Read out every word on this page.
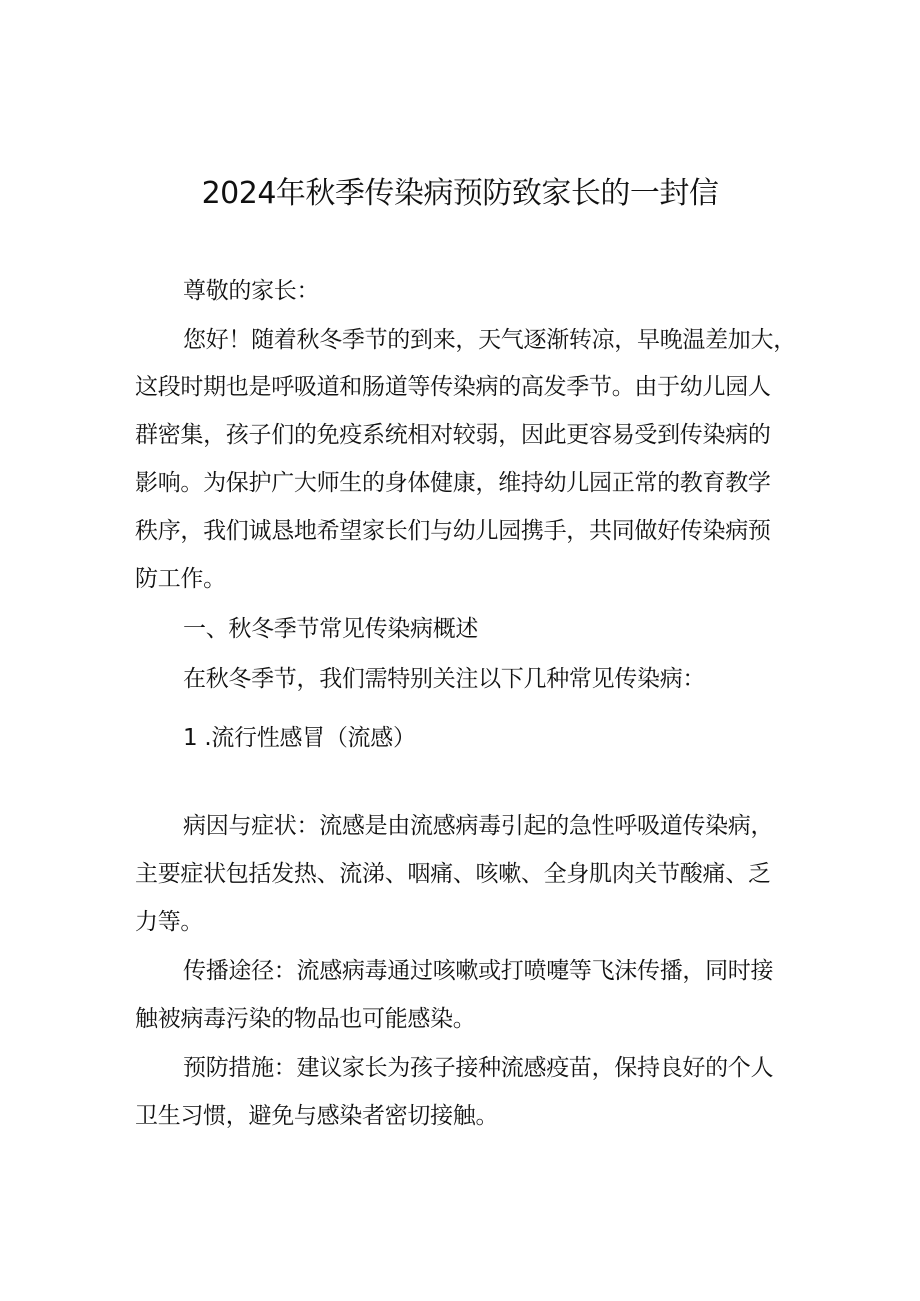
2024年秋季传染病预防致家长的一封信
尊敬的家长：
您好！随着秋冬季节的到来，天气逐渐转凉，早晚温差加大，
这段时期也是呼吸道和肠道等传染病的高发季节。由于幼儿园人
群密集，孩子们的免疫系统相对较弱，因此更容易受到传染病的
影响。为保护广大师生的身体健康，维持幼儿园正常的教育教学
秩序，我们诚恳地希望家长们与幼儿园携手，共同做好传染病预
防工作。
一、秋冬季节常见传染病概述
在秋冬季节，我们需特别关注以下几种常见传染病：
1 .流行性感冒（流感）
病因与症状：流感是由流感病毒引起的急性呼吸道传染病，
主要症状包括发热、流涕、咽痛、咳嗽、全身肌肉关节酸痛、乏
力等。
传播途径：流感病毒通过咳嗽或打喷嚏等飞沫传播，同时接
触被病毒污染的物品也可能感染。
预防措施：建议家长为孩子接种流感疫苗，保持良好的个人
卫生习惯，避免与感染者密切接触。
